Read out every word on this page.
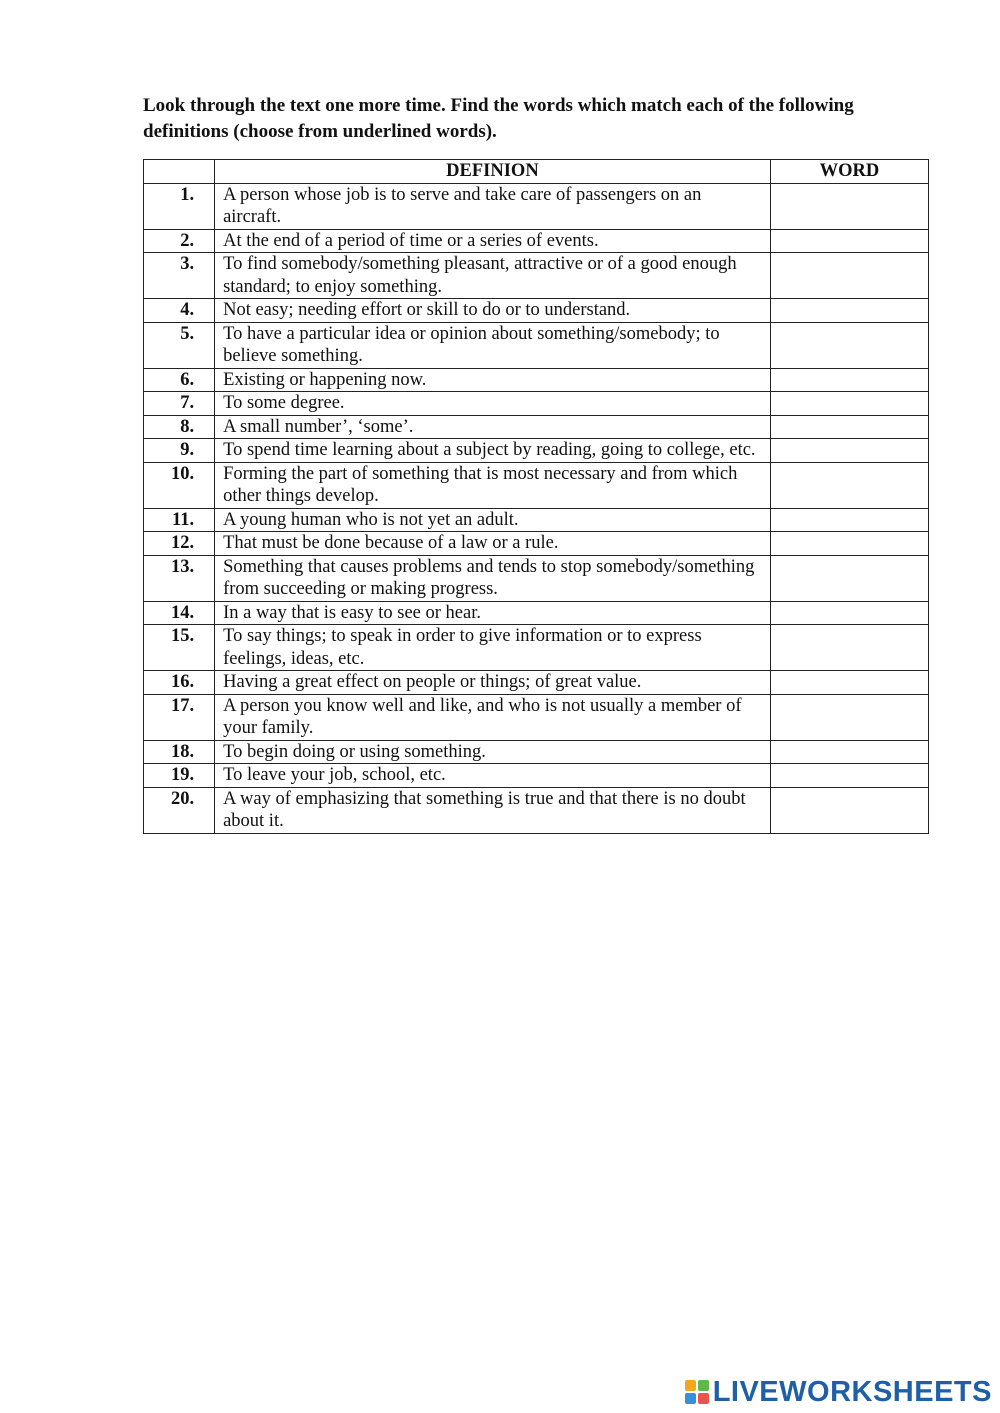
Look through the text one more time. Find the words which match each of the following definitions (choose from underlined words).
	DEFINION	WORD
1.	A person whose job is to serve and take care of passengers on an aircraft.	
2.	At the end of a period of time or a series of events.	
3.	To find somebody/something pleasant, attractive or of a good enough standard; to enjoy something.	
4.	Not easy; needing effort or skill to do or to understand.	
5.	To have a particular idea or opinion about something/somebody; to believe something.	
6.	Existing or happening now.	
7.	To some degree.	
8.	A small number’, ‘some’.	
9.	To spend time learning about a subject by reading, going to college, etc.	
10.	Forming the part of something that is most necessary and from which other things develop.	
11.	A young human who is not yet an adult.	
12.	That must be done because of a law or a rule.	
13.	Something that causes problems and tends to stop somebody/something from succeeding or making progress.	
14.	In a way that is easy to see or hear.	
15.	To say things; to speak in order to give information or to express feelings, ideas, etc.	
16.	Having a great effect on people or things; of great value.	
17.	A person you know well and like, and who is not usually a member of your family.	
18.	To begin doing or using something.	
19.	To leave your job, school, etc.	
20.	A way of emphasizing that something is true and that there is no doubt about it.	
LIVEWORKSHEETS
